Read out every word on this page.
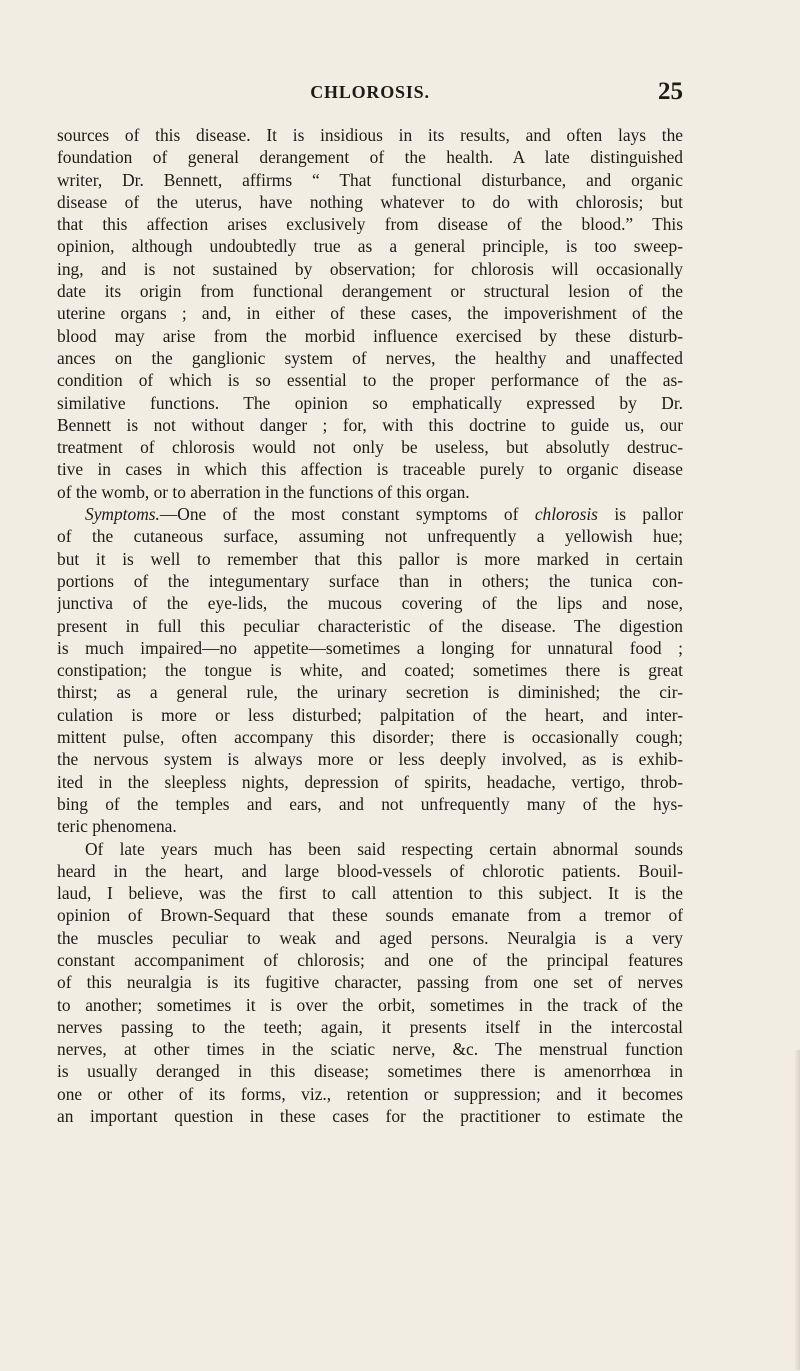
CHLOROSIS.	25
sources of this disease. It is insidious in its results, and often lays the
foundation of general derangement of the health. A late distinguished
writer, Dr. Bennett, affirms “ That functional disturbance, and organic
disease of the uterus, have nothing whatever to do with chlorosis; but
that this affection arises exclusively from disease of the blood.” This
opinion, although undoubtedly true as a general principle, is too sweep-
ing, and is not sustained by observation; for chlorosis will occasionally
date its origin from functional derangement or structural lesion of the
uterine organs ; and, in either of these cases, the impoverishment of the
blood may arise from the morbid influence exercised by these disturb-
ances on the ganglionic system of nerves, the healthy and unaffected
condition of which is so essential to the proper performance of the as-
similative functions. The opinion so emphatically expressed by Dr.
Bennett is not without danger ; for, with this doctrine to guide us, our
treatment of chlorosis would not only be useless, but absolutly destruc-
tive in cases in which this affection is traceable purely to organic disease
of the womb, or to aberration in the functions of this organ.
Symptoms.—One of the most constant symptoms of chlorosis is pallor
of the cutaneous surface, assuming not unfrequently a yellowish hue;
but it is well to remember that this pallor is more marked in certain
portions of the integumentary surface than in others; the tunica con-
junctiva of the eye-lids, the mucous covering of the lips and nose,
present in full this peculiar characteristic of the disease. The digestion
is much impaired—no appetite—sometimes a longing for unnatural food ;
constipation; the tongue is white, and coated; sometimes there is great
thirst; as a general rule, the urinary secretion is diminished; the cir-
culation is more or less disturbed; palpitation of the heart, and inter-
mittent pulse, often accompany this disorder; there is occasionally cough;
the nervous system is always more or less deeply involved, as is exhib-
ited in the sleepless nights, depression of spirits, headache, vertigo, throb-
bing of the temples and ears, and not unfrequently many of the hys-
teric phenomena.
Of late years much has been said respecting certain abnormal sounds
heard in the heart, and large blood-vessels of chlorotic patients. Bouil-
laud, I believe, was the first to call attention to this subject. It is the
opinion of Brown-Sequard that these sounds emanate from a tremor of
the muscles peculiar to weak and aged persons. Neuralgia is a very
constant accompaniment of chlorosis; and one of the principal features
of this neuralgia is its fugitive character, passing from one set of nerves
to another; sometimes it is over the orbit, sometimes in the track of the
nerves passing to the teeth; again, it presents itself in the intercostal
nerves, at other times in the sciatic nerve, &c. The menstrual function
is usually deranged in this disease; sometimes there is amenorrhœa in
one or other of its forms, viz., retention or suppression; and it becomes
an important question in these cases for the practitioner to estimate the
